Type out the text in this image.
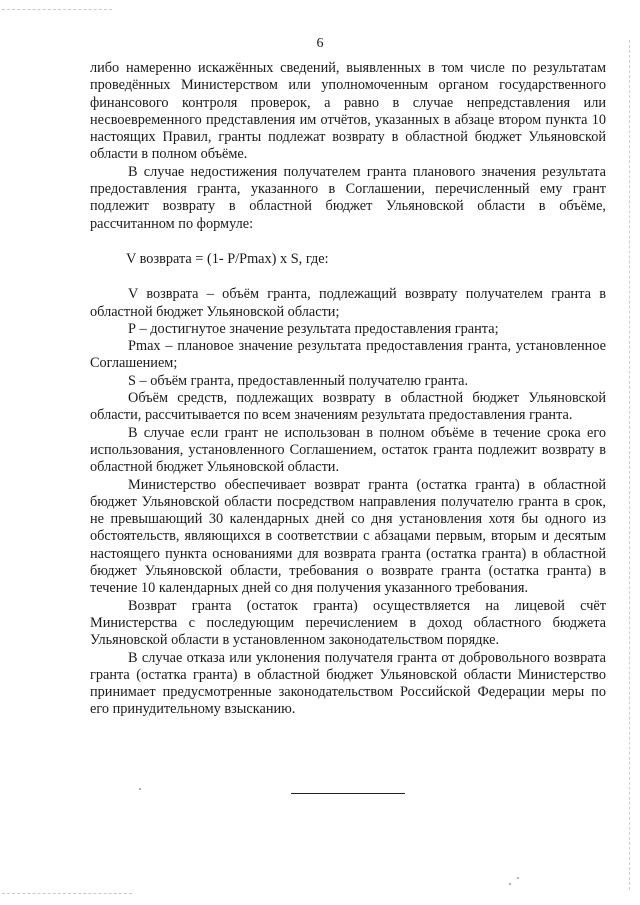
6

либо намеренно искажённых сведений, выявленных в том числе по результатам проведённых Министерством или уполномоченным органом государственного финансового контроля проверок, а равно в случае непредставления или несвоевременного представления им отчётов, указанных в абзаце втором пункта 10 настоящих Правил, гранты подлежат возврату в областной бюджет Ульяновской области в полном объёме.

В случае недостижения получателем гранта планового значения результата предоставления гранта, указанного в Соглашении, перечисленный ему грант подлежит возврату в областной бюджет Ульяновской области в объёме, рассчитанном по формуле:

V возврата = (1- P/Pmax) x S, где:

V возврата – объём гранта, подлежащий возврату получателем гранта в областной бюджет Ульяновской области;

Р – достигнутое значение результата предоставления гранта;

Pmax – плановое значение результата предоставления гранта, установленное Соглашением;

S – объём гранта, предоставленный получателю гранта.

Объём средств, подлежащих возврату в областной бюджет Ульяновской области, рассчитывается по всем значениям результата предоставления гранта.

В случае если грант не использован в полном объёме в течение срока его использования, установленного Соглашением, остаток гранта подлежит возврату в областной бюджет Ульяновской области.

Министерство обеспечивает возврат гранта (остатка гранта) в областной бюджет Ульяновской области посредством направления получателю гранта в срок, не превышающий 30 календарных дней со дня установления хотя бы одного из обстоятельств, являющихся в соответствии с абзацами первым, вторым и десятым настоящего пункта основаниями для возврата гранта (остатка гранта) в областной бюджет Ульяновской области, требования о возврате гранта (остатка гранта) в течение 10 календарных дней со дня получения указанного требования.

Возврат гранта (остаток гранта) осуществляется на лицевой счёт Министерства с последующим перечислением в доход областного бюджета Ульяновской области в установленном законодательством порядке.

В случае отказа или уклонения получателя гранта от добровольного возврата гранта (остатка гранта) в областной бюджет Ульяновской области Министерство принимает предусмотренные законодательством Российской Федерации меры по его принудительному взысканию.
